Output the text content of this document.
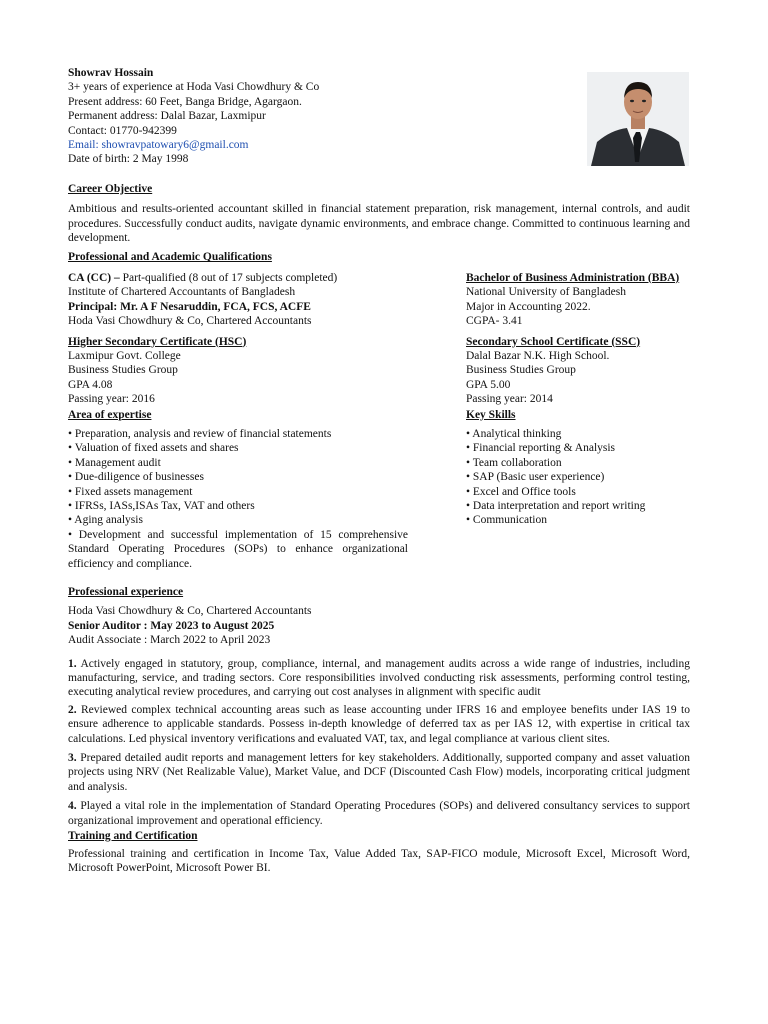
Showrav Hossain
3+ years of experience at Hoda Vasi Chowdhury & Co
Present address: 60 Feet, Banga Bridge, Agargaon.
Permanent address: Dalal Bazar, Laxmipur
Contact: 01770-942399
Email: showravpatowary6@gmail.com
Date of birth: 2 May 1998
Career Objective

Ambitious and results-oriented accountant skilled in financial statement preparation, risk management, internal controls, and audit procedures. Successfully conduct audits, navigate dynamic environments, and embrace change. Committed to continuous learning and development.

Professional and Academic Qualifications
CA (CC) – Part-qualified (8 out of 17 subjects completed)
Institute of Chartered Accountants of Bangladesh
Principal: Mr. A F Nesaruddin, FCA, FCS, ACFE
Hoda Vasi Chowdhury & Co, Chartered Accountants
Bachelor of Business Administration (BBA)
National University of Bangladesh
Major in Accounting 2022.
CGPA- 3.41
Higher Secondary Certificate (HSC)
Laxmipur Govt. College
Business Studies Group
GPA 4.08
Passing year: 2016
Secondary School Certificate (SSC)
Dalal Bazar N.K. High School.
Business Studies Group
GPA 5.00
Passing year: 2014
Area of expertise
• Preparation, analysis and review of financial statements
• Valuation of fixed assets and shares
• Management audit
• Due-diligence of businesses
• Fixed assets management
• IFRSs, IASs,ISAs Tax, VAT and others
• Aging analysis
• Development and successful implementation of 15 comprehensive Standard Operating Procedures (SOPs) to enhance organizational efficiency and compliance.
Key Skills
• Analytical thinking
• Financial reporting & Analysis
• Team collaboration
• SAP (Basic user experience)
• Excel and Office tools
• Data interpretation and report writing
• Communication
Professional experience
Hoda Vasi Chowdhury & Co, Chartered Accountants
Senior Auditor : May 2023 to August 2025
Audit Associate : March 2022 to April 2023

1. Actively engaged in statutory, group, compliance, internal, and management audits across a wide range of industries, including manufacturing, service, and trading sectors. Core responsibilities involved conducting risk assessments, performing control testing, executing analytical review procedures, and carrying out cost analyses in alignment with specific audit

2. Reviewed complex technical accounting areas such as lease accounting under IFRS 16 and employee benefits under IAS 19 to ensure adherence to applicable standards. Possess in-depth knowledge of deferred tax as per IAS 12, with expertise in critical tax calculations. Led physical inventory verifications and evaluated VAT, tax, and legal compliance at various client sites.

3. Prepared detailed audit reports and management letters for key stakeholders. Additionally, supported company and asset valuation projects using NRV (Net Realizable Value), Market Value, and DCF (Discounted Cash Flow) models, incorporating critical judgment and analysis.

4. Played a vital role in the implementation of Standard Operating Procedures (SOPs) and delivered consultancy services to support organizational improvement and operational efficiency.

Training and Certification

Professional training and certification in Income Tax, Value Added Tax, SAP-FICO module, Microsoft Excel, Microsoft Word, Microsoft PowerPoint, Microsoft Power BI.
